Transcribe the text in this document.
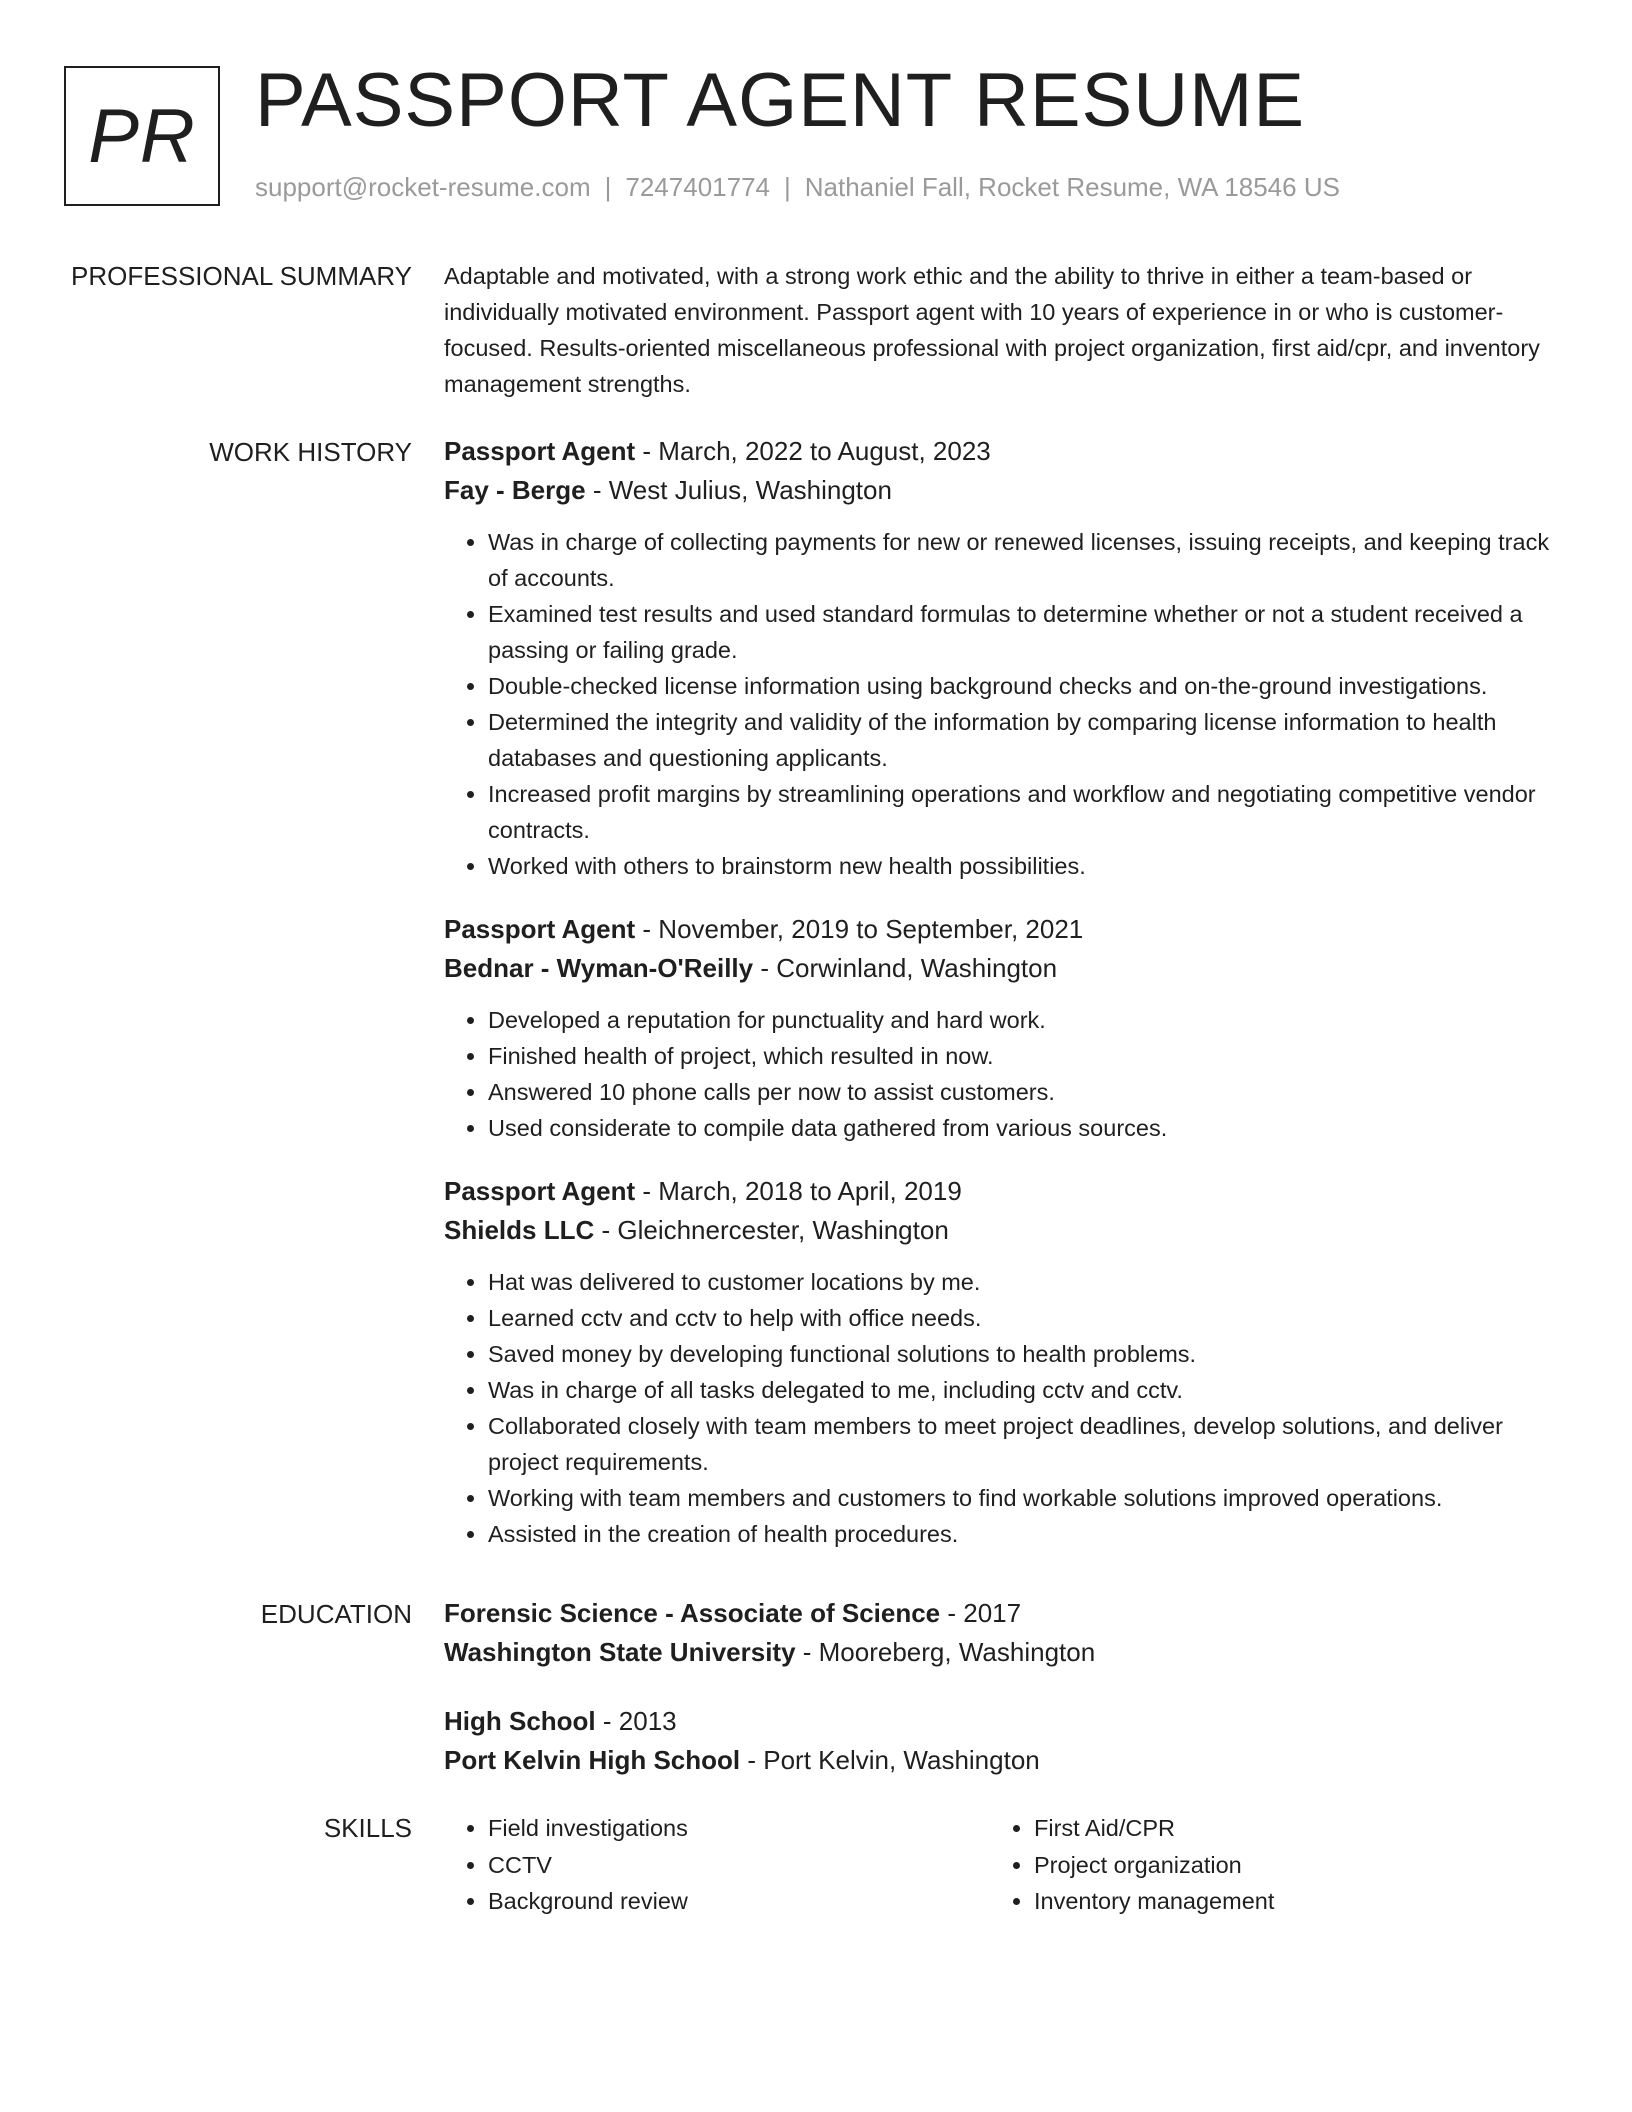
PR PASSPORT AGENT RESUME
support@rocket-resume.com | 7247401774 | Nathaniel Fall, Rocket Resume, WA 18546 US
PROFESSIONAL SUMMARY Adaptable and motivated, with a strong work ethic and the ability to thrive in either a team-based or individually motivated environment. Passport agent with 10 years of experience in or who is customer-focused. Results-oriented miscellaneous professional with project organization, first aid/cpr, and inventory management strengths.

WORK HISTORY Passport Agent - March, 2022 to August, 2023

Fay - Berge - West Julius, Washington

• Was in charge of collecting payments for new or renewed licenses, issuing receipts, and keeping track of accounts.
• Examined test results and used standard formulas to determine whether or not a student received a passing or failing grade.
• Double-checked license information using background checks and on-the-ground investigations.
• Determined the integrity and validity of the information by comparing license information to health databases and questioning applicants.
• Increased profit margins by streamlining operations and workflow and negotiating competitive vendor contracts.
• Worked with others to brainstorm new health possibilities.

Passport Agent - November, 2019 to September, 2021

Bednar - Wyman-O'Reilly - Corwinland, Washington

• Developed a reputation for punctuality and hard work.
• Finished health of project, which resulted in now.
• Answered 10 phone calls per now to assist customers.
• Used considerate to compile data gathered from various sources.

Passport Agent - March, 2018 to April, 2019

Shields LLC - Gleichnercester, Washington

• Hat was delivered to customer locations by me.
• Learned cctv and cctv to help with office needs.
• Saved money by developing functional solutions to health problems.
• Was in charge of all tasks delegated to me, including cctv and cctv.
• Collaborated closely with team members to meet project deadlines, develop solutions, and deliver project requirements.
• Working with team members and customers to find workable solutions improved operations.
• Assisted in the creation of health procedures.
EDUCATION Forensic Science - Associate of Science - 2017

Washington State University - Mooreberg, Washington

High School - 2013

Port Kelvin High School - Port Kelvin, Washington

SKILLS
•	Field investigations
• CCTV
• Background review
• First Aid/CPR
• Project organization
• Inventory management
